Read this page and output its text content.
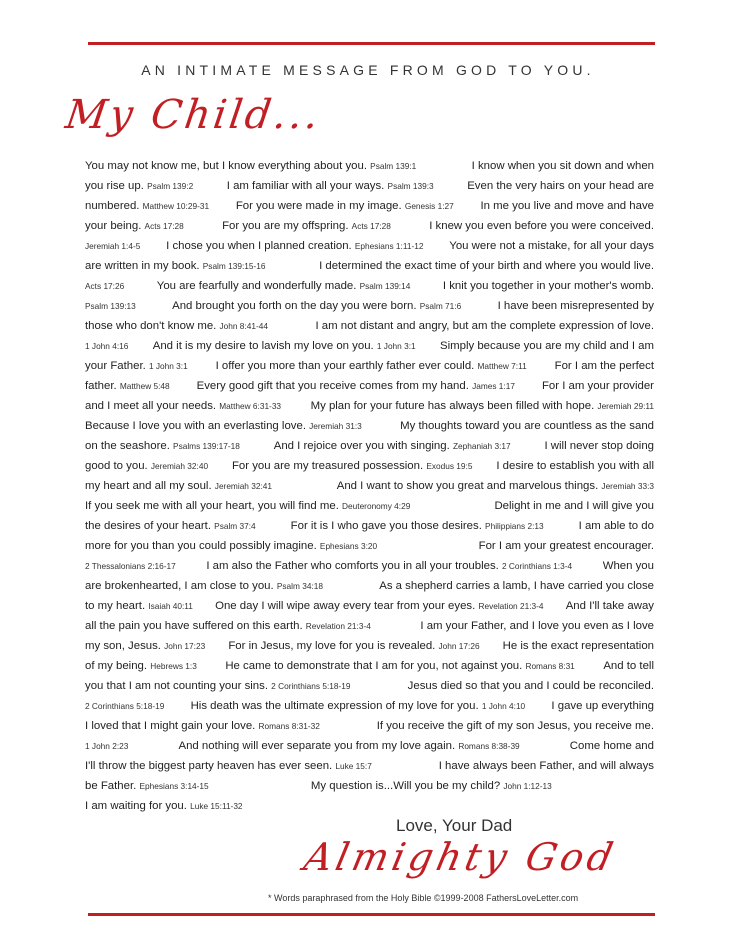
AN INTIMATE MESSAGE FROM GOD TO YOU.
My Child...
You may not know me, but I know everything about you. Psalm 139:1	I know when you sit down and when
you rise up. Psalm 139:2	I am familiar with all your ways. Psalm 139:3	Even the very hairs on your head are
numbered. Matthew 10:29-31 For you were made in my image. Genesis 1:27 In me you live and move and have
your being. Acts 17:28	For you are my offspring. Acts 17:28	I knew you even before you were conceived.
Jeremiah 1:4-5 I chose you when I planned creation. Ephesians 1:11-12 You were not a mistake, for all your days
are written in my book. Psalm 139:15-16	I determined the exact time of your birth and where you would live.
Acts 17:26	You are fearfully and wonderfully made. Psalm 139:14	I knit you together in your mother's womb.
Psalm 139:13	And brought you forth on the day you were born. Psalm 71:6	I have been misrepresented by
those who don't know me. John 8:41-44	I am not distant and angry, but am the complete expression of love.
1 John 4:16 And it is my desire to lavish my love on you. 1 John 3:1 Simply because you are my child and I am
your Father. 1 John 3:1 I offer you more than your earthly father ever could. Matthew 7:11 For I am the perfect
father. Matthew 5:48 Every good gift that you receive comes from my hand. James 1:17 For I am your provider
and I meet all your needs. Matthew 6:31-33	My plan for your future has always been filled with hope. Jeremiah 29:11
Because I love you with an everlasting love. Jeremiah 31:3	My thoughts toward you are countless as the sand
on the seashore. Psalms 139:17-18	And I rejoice over you with singing. Zephaniah 3:17	I will never stop doing
good to you. Jeremiah 32:40 For you are my treasured possession. Exodus 19:5 I desire to establish you with all
my heart and all my soul. Jeremiah 32:41	And I want to show you great and marvelous things. Jeremiah 33:3
If you seek me with all your heart, you will find me. Deuteronomy 4:29	Delight in me and I will give you
the desires of your heart. Psalm 37:4	For it is I who gave you those desires. Philippians 2:13	I am able to do
more for you than you could possibly imagine. Ephesians 3:20	For I am your greatest encourager.
2 Thessalonians 2:16-17	I am also the Father who comforts you in all your troubles. 2 Corinthians 1:3-4	When you
are brokenhearted, I am close to you. Psalm 34:18	As a shepherd carries a lamb, I have carried you close
to my heart. Isaiah 40:11 One day I will wipe away every tear from your eyes. Revelation 21:3-4 And I'll take away
all the pain you have suffered on this earth. Revelation 21:3-4	I am your Father, and I love you even as I love
my son, Jesus. John 17:23 For in Jesus, my love for you is revealed. John 17:26 He is the exact representation
of my being. Hebrews 1:3	He came to demonstrate that I am for you, not against you. Romans 8:31	And to tell
you that I am not counting your sins. 2 Corinthians 5:18-19	Jesus died so that you and I could be reconciled.
2 Corinthians 5:18-19 His death was the ultimate expression of my love for you. 1 John 4:10 I gave up everything
I loved that I might gain your love. Romans 8:31-32	If you receive the gift of my son Jesus, you receive me.
1 John 2:23	And nothing will ever separate you from my love again. Romans 8:38-39	Come home and
I'll throw the biggest party heaven has ever seen. Luke 15:7	I have always been Father, and will always
be Father. Ephesians 3:14-15	My question is...Will you be my child? John 1:12-13
I am waiting for you. Luke 15:11-32
Love, Your Dad
Almighty God
* Words paraphrased from the Holy Bible ©1999-2008 FathersLoveLetter.com
